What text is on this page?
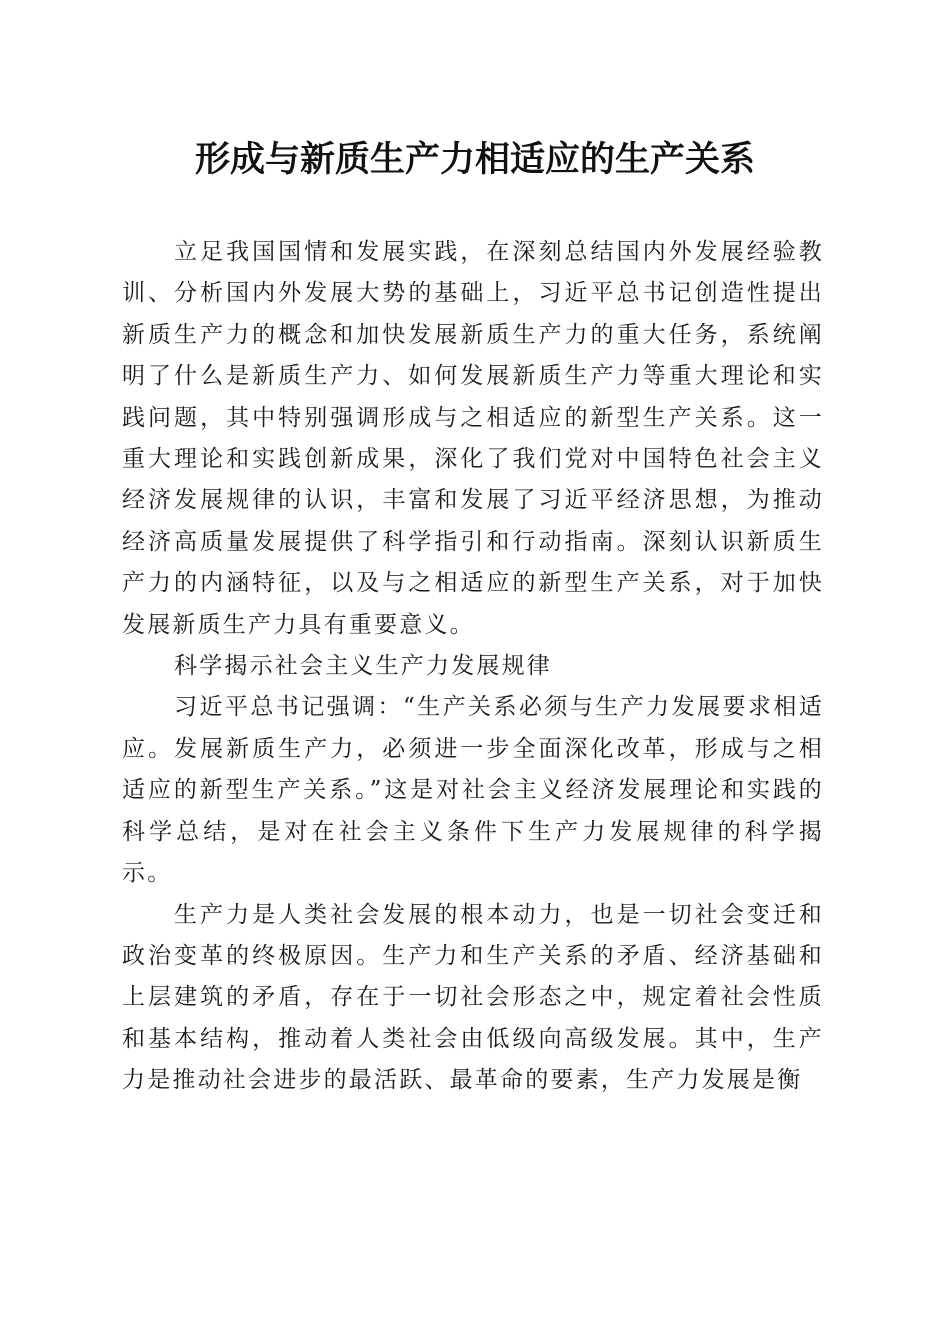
形成与新质生产力相适应的生产关系

立足我国国情和发展实践，在深刻总结国内外发展经验教训、分析国内外发展大势的基础上，习近平总书记创造性提出新质生产力的概念和加快发展新质生产力的重大任务，系统阐明了什么是新质生产力、如何发展新质生产力等重大理论和实践问题，其中特别强调形成与之相适应的新型生产关系。这一重大理论和实践创新成果，深化了我们党对中国特色社会主义经济发展规律的认识，丰富和发展了习近平经济思想，为推动经济高质量发展提供了科学指引和行动指南。深刻认识新质生产力的内涵特征，以及与之相适应的新型生产关系，对于加快发展新质生产力具有重要意义。

科学揭示社会主义生产力发展规律

习近平总书记强调：“生产关系必须与生产力发展要求相适应。发展新质生产力，必须进一步全面深化改革，形成与之相适应的新型生产关系。”这是对社会主义经济发展理论和实践的科学总结，是对在社会主义条件下生产力发展规律的科学揭示。

生产力是人类社会发展的根本动力，也是一切社会变迁和政治变革的终极原因。生产力和生产关系的矛盾、经济基础和上层建筑的矛盾，存在于一切社会形态之中，规定着社会性质和基本结构，推动着人类社会由低级向高级发展。其中，生产力是推动社会进步的最活跃、最革命的要素，生产力发展是衡
